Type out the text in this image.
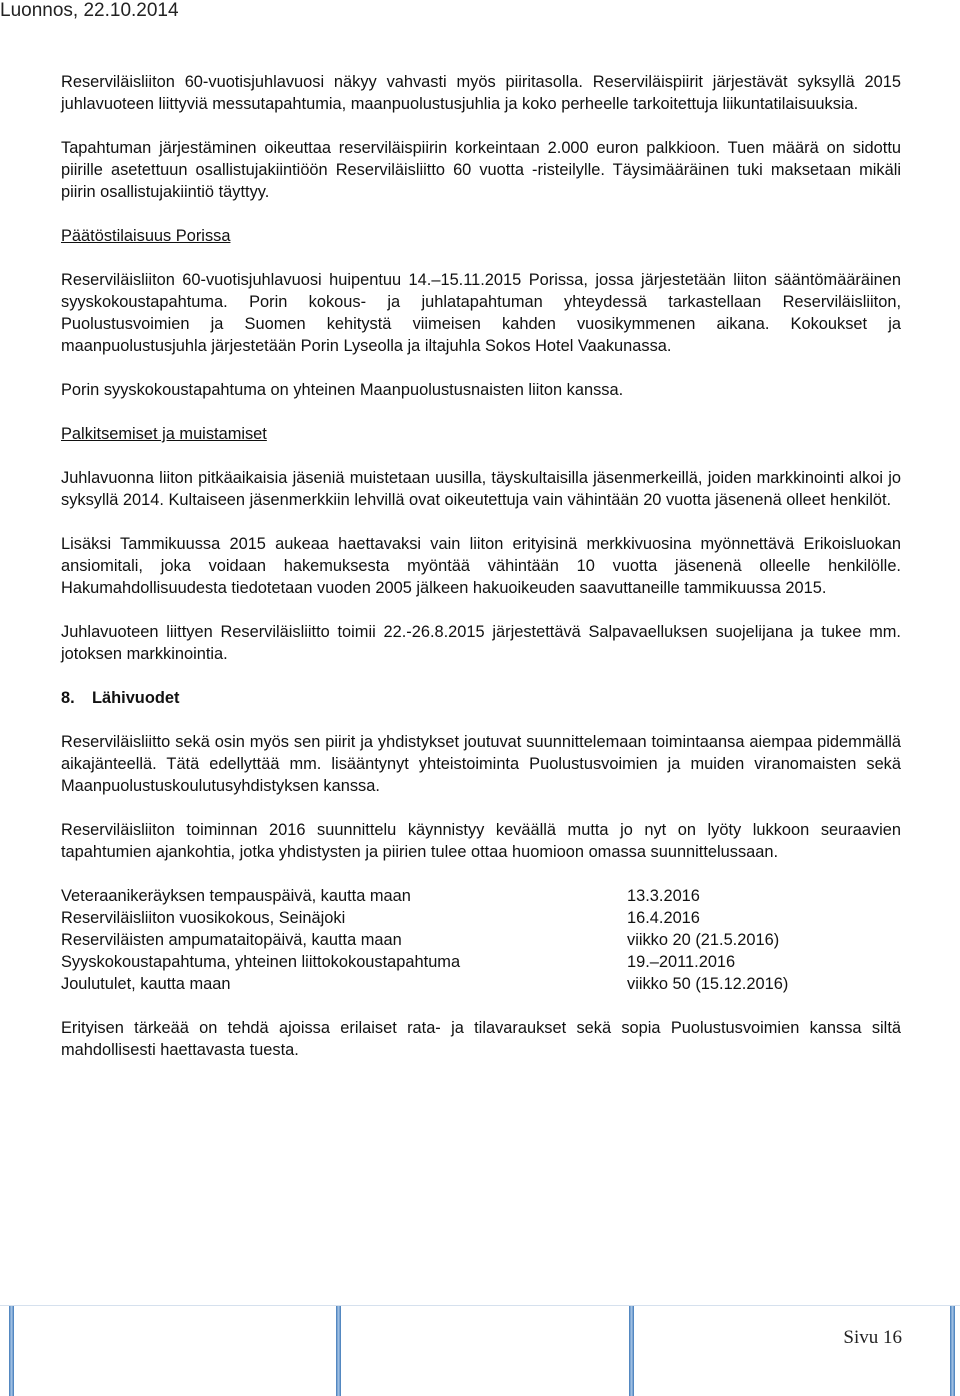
Luonnos, 22.10.2014

Reserviläisliiton 60-vuotisjuhlavuosi näkyy vahvasti myös piiritasolla. Reserviläispiirit järjestävät syksyllä 2015 juhlavuoteen liittyviä messutapahtumia, maanpuolustusjuhlia ja koko perheelle tarkoitettuja liikuntatilaisuuksia.

Tapahtuman järjestäminen oikeuttaa reserviläispiirin korkeintaan 2.000 euron palkkioon. Tuen määrä on sidottu piirille asetettuun osallistujakiintiöön Reserviläisliitto 60 vuotta -risteilylle. Täysimääräinen tuki maksetaan mikäli piirin osallistujakiintiö täyttyy.

Päätöstilaisuus Porissa

Reserviläisliiton 60-vuotisjuhlavuosi huipentuu 14.–15.11.2015 Porissa, jossa järjestetään liiton sääntömääräinen syyskokoustapahtuma. Porin kokous- ja juhlatapahtuman yhteydessä tarkastellaan Reserviläisliiton, Puolustusvoimien ja Suomen kehitystä viimeisen kahden vuosikymmenen aikana. Kokoukset ja maanpuolustusjuhla järjestetään Porin Lyseolla ja iltajuhla Sokos Hotel Vaakunassa.

Porin syyskokoustapahtuma on yhteinen Maanpuolustusnaisten liiton kanssa.

Palkitsemiset ja muistamiset

Juhlavuonna liiton pitkäaikaisia jäseniä muistetaan uusilla, täyskultaisilla jäsenmerkeillä, joiden markkinointi alkoi jo syksyllä 2014. Kultaiseen jäsenmerkkiin lehvillä ovat oikeutettuja vain vähintään 20 vuotta jäsenenä olleet henkilöt.

Lisäksi Tammikuussa 2015 aukeaa haettavaksi vain liiton erityisinä merkkivuosina myönnettävä Erikoisluokan ansiomitali, joka voidaan hakemuksesta myöntää vähintään 10 vuotta jäsenenä olleelle henkilölle. Hakumahdollisuudesta tiedotetaan vuoden 2005 jälkeen hakuoikeuden saavuttaneille tammikuussa 2015.

Juhlavuoteen liittyen Reserviläisliitto toimii 22.-26.8.2015 järjestettävä Salpavaelluksen suojelijana ja tukee mm. jotoksen markkinointia.

8. Lähivuodet

Reserviläisliitto sekä osin myös sen piirit ja yhdistykset joutuvat suunnittelemaan toimintaansa aiempaa pidemmällä aikajänteellä. Tätä edellyttää mm. lisääntynyt yhteistoiminta Puolustusvoimien ja muiden viranomaisten sekä Maanpuolustuskoulutusyhdistyksen kanssa.

Reserviläisliiton toiminnan 2016 suunnittelu käynnistyy keväällä mutta jo nyt on lyöty lukkoon seuraavien tapahtumien ajankohtia, jotka yhdistysten ja piirien tulee ottaa huomioon omassa suunnittelussaan.

Veteraanikeräyksen tempauspäivä, kautta maan	13.3.2016
Reserviläisliiton vuosikokous, Seinäjoki	16.4.2016
Reserviläisten ampumataitopäivä, kautta maan	viikko 20 (21.5.2016)
Syyskokoustapahtuma, yhteinen liittokokoustapahtuma	19.–2011.2016
Joulutulet, kautta maan	viikko 50 (15.12.2016)

Erityisen tärkeää on tehdä ajoissa erilaiset rata- ja tilavaraukset sekä sopia Puolustusvoimien kanssa siltä mahdollisesti haettavasta tuesta.

Sivu 16
